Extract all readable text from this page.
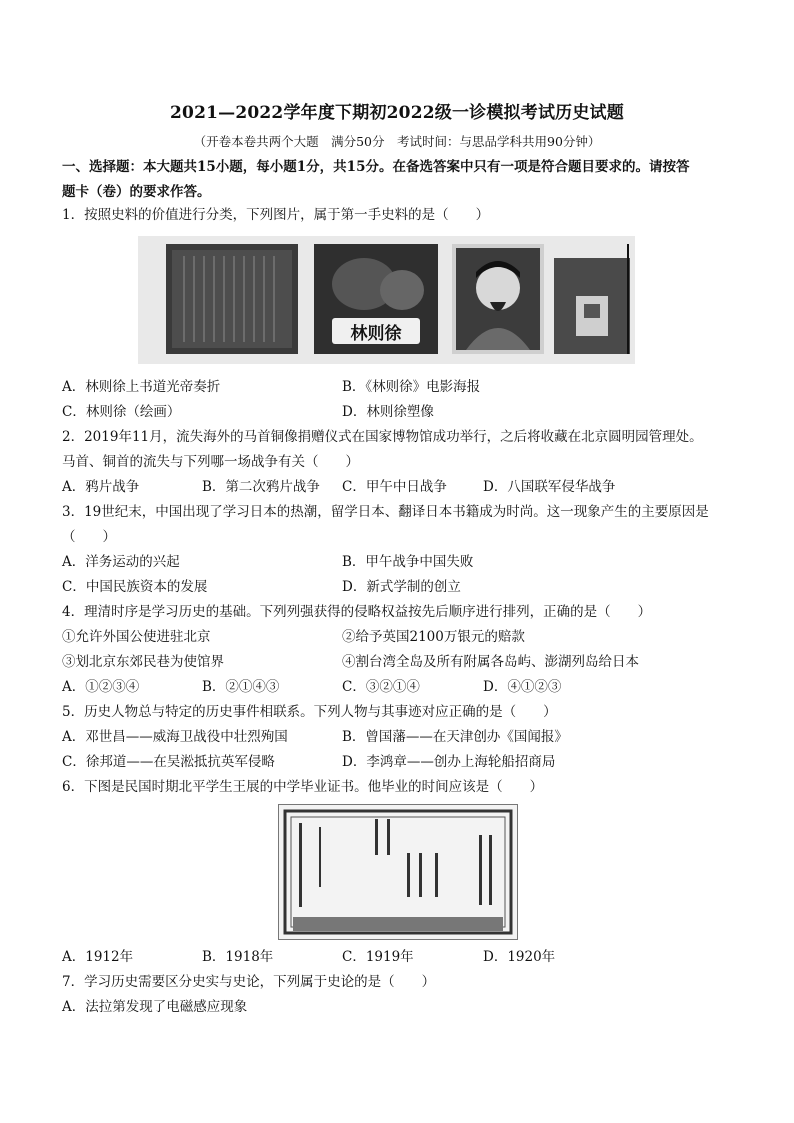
2021—2022学年度下期初2022级一诊模拟考试历史试题
（开卷本卷共两个大题　满分50分　考试时间：与思品学科共用90分钟）
一、选择题：本大题共15小题，每小题1分，共15分。在备选答案中只有一项是符合题目要求的。请按答
题卡（卷）的要求作答。
1．按照史料的价值进行分类，下列图片，属于第一手史料的是（　　）
林则徐
A．林则徐上书道光帝奏折	B．《林则徐》电影海报
C．林则徐（绘画）	D．林则徐塑像
2．2019年11月，流失海外的马首铜像捐赠仪式在国家博物馆成功举行，之后将收藏在北京圆明园管理处。
马首、铜首的流失与下列哪一场战争有关（　　）
A．鸦片战争	B．第二次鸦片战争 C．甲午中日战争	D．八国联军侵华战争
3．19世纪末，中国出现了学习日本的热潮，留学日本、翻译日本书籍成为时尚。这一现象产生的主要原因是
（　　）
A．洋务运动的兴起	B．甲午战争中国失败
C．中国民族资本的发展	D．新式学制的创立
4．理清时序是学习历史的基础。下列列强获得的侵略权益按先后顺序进行排列，正确的是（　　）
①允许外国公使进驻北京	②给予英国2100万银元的赔款
③划北京东郊民巷为使馆界	④割台湾全岛及所有附属各岛屿、澎湖列岛给日本
A．①②③④	B．②①④③	C．③②①④	D．④①②③
5．历史人物总与特定的历史事件相联系。下列人物与其事迹对应正确的是（　　）
A．邓世昌——威海卫战役中壮烈殉国	B．曾国藩——在天津创办《国闻报》
C．徐邦道——在吴淞抵抗英军侵略	D．李鸿章——创办上海轮船招商局
6．下图是民国时期北平学生王展的中学毕业证书。他毕业的时间应该是（　　）
A．1912年	B．1918年	C．1919年	D．1920年
7．学习历史需要区分史实与史论，下列属于史论的是（　　）
A．法拉第发现了电磁感应现象
